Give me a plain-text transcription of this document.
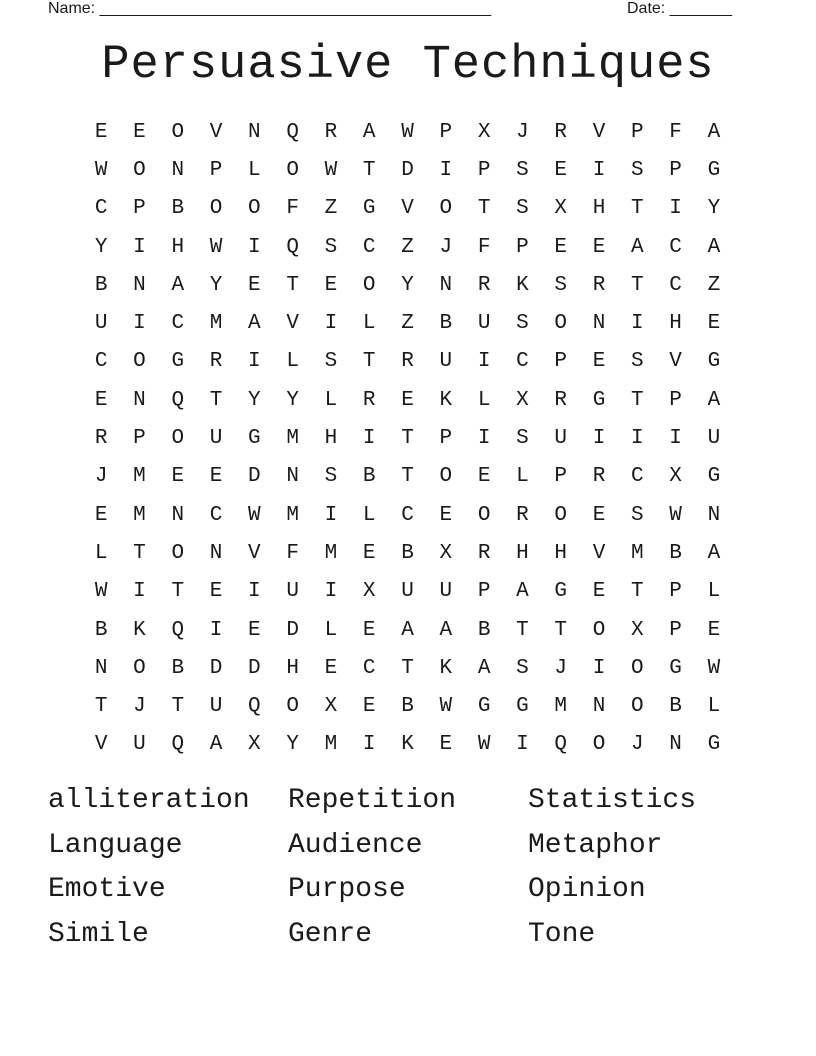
Name: ____________________________________________	Date: _______
Persuasive Techniques
E	E	O	V	N	Q	R	A	W	P	X	J	R	V	P	F	A
W	O	N	P	L	O	W	T	D	I	P	S	E	I	S	P	G
C	P	B	O	O	F	Z	G	V	O	T	S	X	H	T	I	Y
Y	I	H	W	I	Q	S	C	Z	J	F	P	E	E	A	C	A
B	N	A	Y	E	T	E	O	Y	N	R	K	S	R	T	C	Z
U	I	C	M	A	V	I	L	Z	B	U	S	O	N	I	H	E
C	O	G	R	I	L	S	T	R	U	I	C	P	E	S	V	G
E	N	Q	T	Y	Y	L	R	E	K	L	X	R	G	T	P	A
R	P	O	U	G	M	H	I	T	P	I	S	U	I	I	I	U
J	M	E	E	D	N	S	B	T	O	E	L	P	R	C	X	G
E	M	N	C	W	M	I	L	C	E	O	R	O	E	S	W	N
L	T	O	N	V	F	M	E	B	X	R	H	H	V	M	B	A
W	I	T	E	I	U	I	X	U	U	P	A	G	E	T	P	L
B	K	Q	I	E	D	L	E	A	A	B	T	T	O	X	P	E
N	O	B	D	D	H	E	C	T	K	A	S	J	I	O	G	W
T	J	T	U	Q	O	X	E	B	W	G	G	M	N	O	B	L
V	U	Q	A	X	Y	M	I	K	E	W	I	Q	O	J	N	G
alliteration	Repetition	Statistics
Language	Audience	Metaphor
Emotive	Purpose	Opinion
Simile	Genre	Tone
